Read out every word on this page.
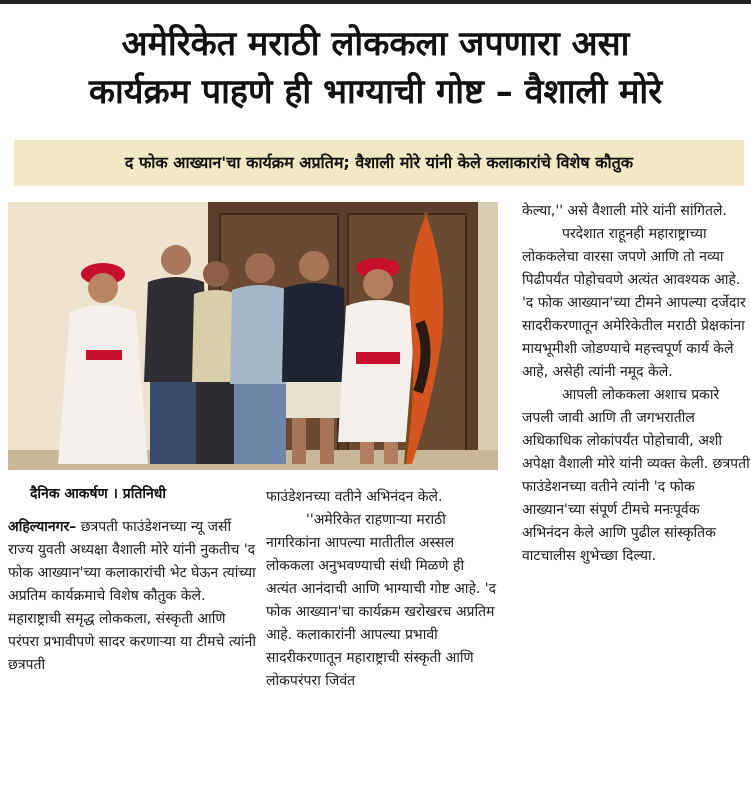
अमेरिकेत मराठी लोककला जपणारा असा
कार्यक्रम पाहणे ही भाग्याची गोष्ट – वैशाली मोरे
द फोक आख्यान'चा कार्यक्रम अप्रतिम; वैशाली मोरे यांनी केले कलाकारांचे विशेष कौतुक
दैनिक आकर्षण । प्रतिनिधी

अहिल्यानगर– छत्रपती फाउंडेशनच्या न्यू जर्सी राज्य युवती अध्यक्षा वैशाली मोरे यांनी नुकतीच 'द फोक आख्यान'च्या कलाकारांची भेट घेऊन त्यांच्या अप्रतिम कार्यक्रमाचे विशेष कौतुक केले. महाराष्ट्राची समृद्ध लोककला, संस्कृती आणि परंपरा प्रभावीपणे सादर करणाऱ्या या टीमचे त्यांनी छत्रपती

फाउंडेशनच्या वतीने अभिनंदन केले.

''अमेरिकेत राहणाऱ्या मराठी नागरिकांना आपल्या मातीतील अस्सल लोककला अनुभवण्याची संधी मिळणे ही अत्यंत आनंदाची आणि भाग्याची गोष्ट आहे. 'द फोक आख्यान'चा कार्यक्रम खरोखरच अप्रतिम आहे. कलाकारांनी आपल्या प्रभावी सादरीकरणातून महाराष्ट्राची संस्कृती आणि लोकपरंपरा जिवंत

केल्या,'' असे वैशाली मोरे यांनी सांगितले.

परदेशात राहूनही महाराष्ट्राच्या लोककलेचा वारसा जपणे आणि तो नव्या पिढीपर्यंत पोहोचवणे अत्यंत आवश्यक आहे. 'द फोक आख्यान'च्या टीमने आपल्या दर्जेदार सादरीकरणातून अमेरिकेतील मराठी प्रेक्षकांना मायभूमीशी जोडण्याचे महत्त्वपूर्ण कार्य केले आहे, असेही त्यांनी नमूद केले.

आपली लोककला अशाच प्रकारे जपली जावी आणि ती जगभरातील अधिकाधिक लोकांपर्यंत पोहोचावी, अशी अपेक्षा वैशाली मोरे यांनी व्यक्त केली. छत्रपती फाउंडेशनच्या वतीने त्यांनी 'द फोक आख्यान'च्या संपूर्ण टीमचे मनःपूर्वक अभिनंदन केले आणि पुढील सांस्कृतिक वाटचालीस शुभेच्छा दिल्या.
